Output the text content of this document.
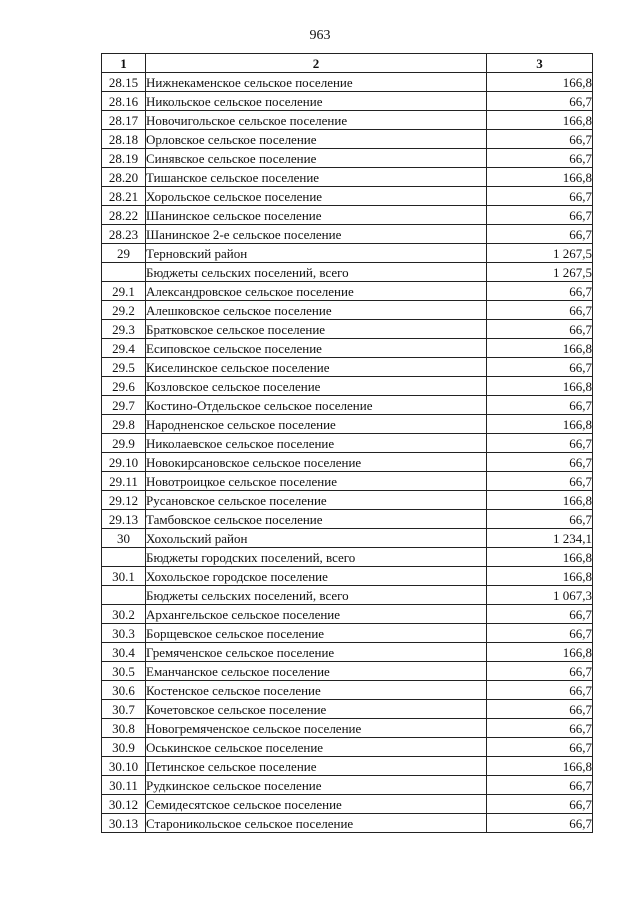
963
1	2	3
28.15	Нижнекаменское сельское поселение	166,8
28.16	Никольское сельское поселение	66,7
28.17	Новочигольское сельское поселение	166,8
28.18	Орловское сельское поселение	66,7
28.19	Синявское сельское поселение	66,7
28.20	Тишанское сельское поселение	166,8
28.21	Хорольское сельское поселение	66,7
28.22	Шанинское сельское поселение	66,7
28.23	Шанинское 2-е сельское поселение	66,7
29	Терновский район	1 267,5
	Бюджеты сельских поселений, всего	1 267,5
29.1	Александровское сельское поселение	66,7
29.2	Алешковское сельское поселение	66,7
29.3	Братковское сельское поселение	66,7
29.4	Есиповское сельское поселение	166,8
29.5	Киселинское сельское поселение	66,7
29.6	Козловское сельское поселение	166,8
29.7	Костино-Отдельское сельское поселение	66,7
29.8	Народненское сельское поселение	166,8
29.9	Николаевское сельское поселение	66,7
29.10	Новокирсановское сельское поселение	66,7
29.11	Новотроицкое сельское поселение	66,7
29.12	Русановское сельское поселение	166,8
29.13	Тамбовское сельское поселение	66,7
30	Хохольский район	1 234,1
	Бюджеты городских поселений, всего	166,8
30.1	Хохольское городское поселение	166,8
	Бюджеты сельских поселений, всего	1 067,3
30.2	Архангельское сельское поселение	66,7
30.3	Борщевское сельское поселение	66,7
30.4	Гремяченское сельское поселение	166,8
30.5	Еманчанское сельское поселение	66,7
30.6	Костенское сельское поселение	66,7
30.7	Кочетовское сельское поселение	66,7
30.8	Новогремяченское сельское поселение	66,7
30.9	Оськинское сельское поселение	66,7
30.10	Петинское сельское поселение	166,8
30.11	Рудкинское сельское поселение	66,7
30.12	Семидесятское сельское поселение	66,7
30.13	Староникольское сельское поселение	66,7
